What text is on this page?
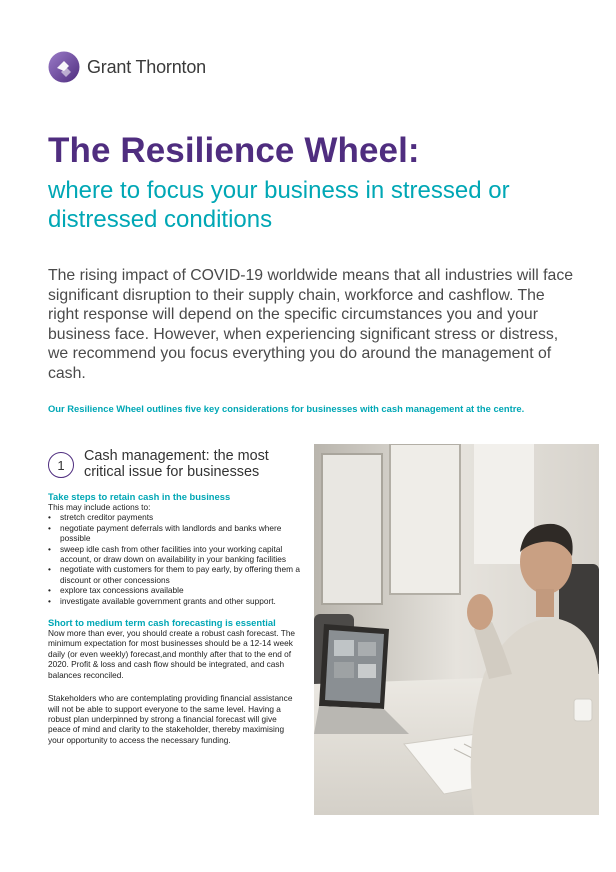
Grant Thornton
The Resilience Wheel:

where to focus your business in stressed or distressed conditions

The rising impact of COVID-19 worldwide means that all industries will face significant disruption to their supply chain, workforce and cashflow. The right response will depend on the specific circumstances you and your business face. However, when experiencing significant stress or distress, we recommend you focus everything you do around the management of cash.

Our Resilience Wheel outlines five key considerations for businesses with cash management at the centre.

1
Cash management: the most critical issue for businesses
Take steps to retain cash in the business

This may include actions to:

• stretch creditor payments
• negotiate payment deferrals with landlords and banks where possible
• sweep idle cash from other facilities into your working capital account, or draw down on availability in your banking facilities
• negotiate with customers for them to pay early, by offering them a discount or other concessions
• explore tax concessions available
• investigate available government grants and other support.
Short to medium term cash forecasting is essential

Now more than ever, you should create a robust cash forecast. The minimum expectation for most businesses should be a 12-14 week daily (or even weekly) forecast,and monthly after that to the end of 2020. Profit & loss and cash flow should be integrated, and cash balances reconciled.

Stakeholders who are contemplating providing financial assistance will not be able to support everyone to the same level. Having a robust plan underpinned by strong a financial forecast will give peace of mind and clarity to the stakeholder, thereby maximising your opportunity to access the necessary funding.
